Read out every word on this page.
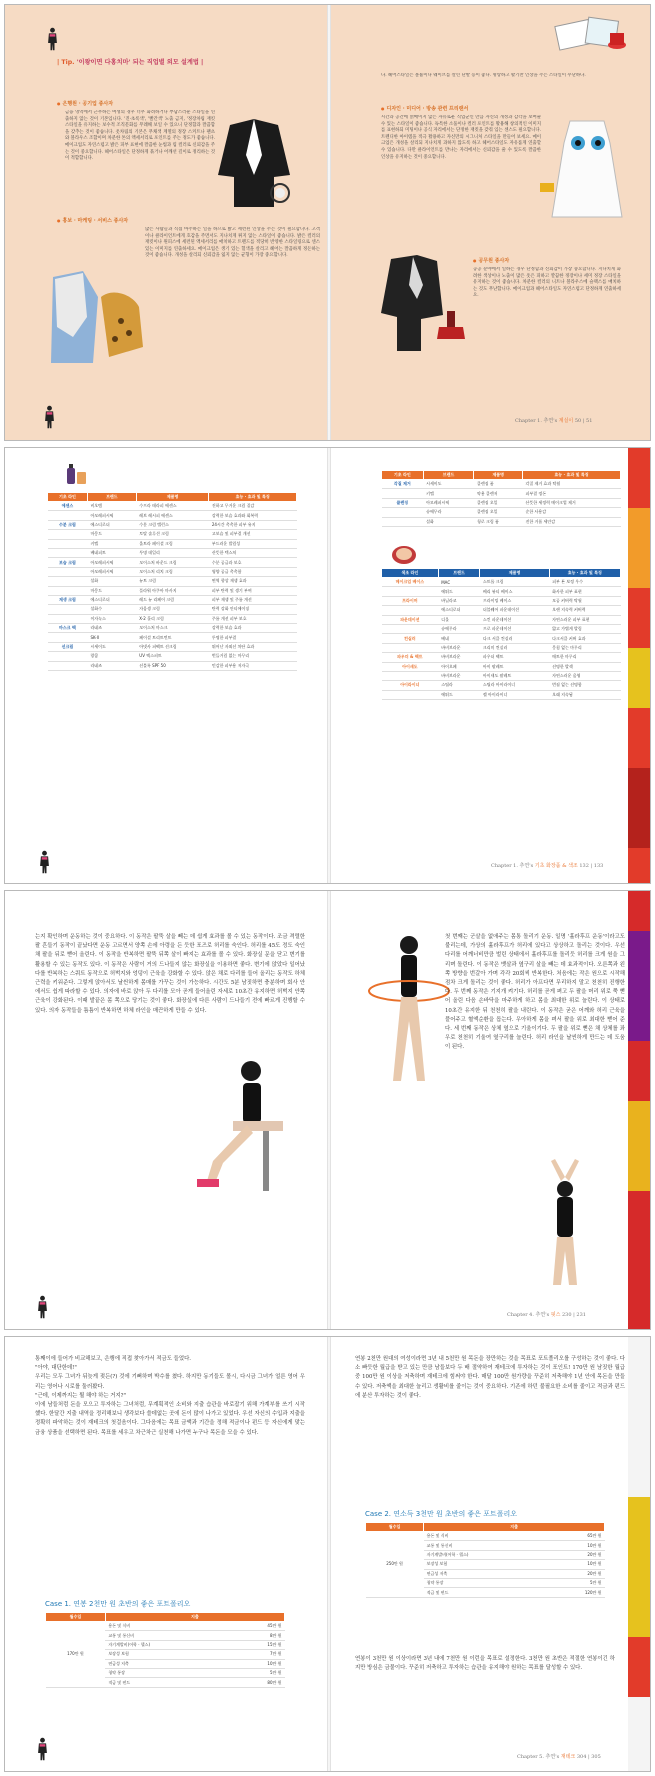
| Tip. '이왕이면 다홍치마' 되는 직업별 외모 설계법 |
● 은행원 · 공기업 종사자
금융 영역에서 근무하는 여성의 경우 너무 화려하거나 부담스러운 스타일을 연출하지 않는 것이 기본입니다. '진·초록색', '빨간색' 노출 금지, '정장차림 재킷 스타일을 유지하는 보수적 조직문화를 무례해 보일 수 있으니 단정함과 깔끔함을 갖추는 것이 좋습니다. 옷차림의 기본은 무채색 계열의 정장 스커트나 팬츠와 블라우스 조합이며 차분한 톤의 액세서리로 포인트를 주는 정도가 좋습니다. 메이크업도 자연스럽고 밝은 피부 표현에 깔끔한 눈썹과 립 컬러로 신뢰감을 주는 것이 중요합니다. 헤어스타일은 단정하게 묶거나 어깨선 길이로 정리하는 것이 적합합니다.
● 홍보 · 마케팅 · 서비스 종사자
많은 사람들과 직접 마주하는 일을 하므로 밝고 세련된 인상을 주는 것이 필요합니다. 고객이나 클라이언트에게 호감을 주면서도 지나치게 튀지 않는 스타일이 좋습니다. 밝은 컬러의 재킷이나 원피스에 세련된 액세서리를 매치하고 트렌드를 적당히 반영한 스타일링으로 센스 있는 이미지를 연출하세요. 메이크업은 생기 있는 혈색을 살리고 헤어는 깔끔하게 정돈하는 것이 좋습니다. 개성을 살리되 신뢰감을 잃지 않는 균형이 가장 중요합니다.
다. 헤어스타일은 볼륨이나 웨이브를 살린 단발 등이 좋다. 명랑하고 활기찬 인상을 주는 스타일이 무난하다.
● 디자인 · 미디어 · 방송 관련 프리랜서
시간과 공간에 얽매이지 않는 자유로운 직업군인 만큼 자신의 개성과 감각을 보여줄 수 있는 스타일이 좋습니다. 독특한 소품이나 컬러 포인트를 활용해 창의적인 이미지를 표현하되 미팅이나 공식 자리에서는 단정한 재킷을 갖춰 입는 센스도 필요합니다. 트렌디한 아이템을 적극 활용하고 자신만의 시그니처 스타일을 만들어 보세요. 메이크업은 개성을 살리되 지나치게 과하지 않도록 하고 헤어스타일도 자유롭게 연출할 수 있습니다. 다만 클라이언트를 만나는 자리에서는 신뢰감을 줄 수 있도록 깔끔한 인상을 유지하는 것이 중요합니다.
● 공무원 종사자
공공 분야에서 일하는 경우 단정함과 신뢰감이 가장 중요합니다. 지나치게 화려한 색상이나 노출이 많은 옷은 피하고 깔끔한 정장이나 세미 정장 스타일을 유지하는 것이 좋습니다. 차분한 컬러의 니트나 블라우스에 슬랙스를 매치하는 것도 무난합니다. 메이크업과 헤어스타일도 자연스럽고 단정하게 연출하세요.
Chapter 1. 추연's 계실이 50 | 51
기초 라인	브랜드	제품명	효능 · 효과 및 특징
에센스	비오템	수프라 테라피 에센스	진하고 무거운 크림 질감
	아모레퍼시픽	레브 레시피 에센스	강력한 보습 효과와 회복력
수분 크림	에스티로더	수분 크림 밸런스	24시간 촉촉한 피부 유지
	마몽드	토탈 솔루션 크림	고보습 및 피부결 개선
	키엘	울트라 페이셜 크림	부드러운 발림성
	베네피트	투명 데일리	산뜻한 텍스처
보습 크림	아모레퍼시픽	모이스처 바운드 크림	수분 공급과 보호
	아모레퍼시픽	모이스처 리치 크림	영양 공급 촉촉함
	설화	뉴트 크림	면역 향상 재생 효과
	마몽드	플라워 아쿠아 마사지	피부 탄력 및 생기 부여
재생 크림	에스티로더	레드 뉴 리페어 크림	피부 재생 및 주름 개선
	설화수	자음생 크림	탄력 강화 안티에이징
	이자녹스	X-2 홀리 크림	주름 개선 피부 보호
마스크 팩	라네즈	모이스처 마스크	강력한 보습 효과
	SK-II	페이셜 트리트먼트	투명한 피부결
선크림	시세이도	아넷사 퍼펙트 선크림	뛰어난 자외선 차단 효과
	랑콤	UV 엑스퍼트	번들거림 없는 마무리
	라네즈	선블록 SPF 50	민감한 피부용 저자극
기초 라인	브랜드	제품명	효능 · 효과 및 특징
각질 제거	시세이도	클렌징 폼	각질 제거 효과 탁월
	키엘	약용 클렌저	피부결 정돈
클렌징	아모레퍼시픽	클렌징 오일	산뜻한 세정력 메이크업 제거
	슈에무라	클렌징 오일	순한 사용감
	설화	청로 크림 폼	진한 거품 세안감
색조 라인	브랜드	제품명	효능 · 효과 및 특징
메이크업 베이스	MAC	스트롭 크림	피부 톤 보정 우수
	에뛰드	베리 뷰티 베이스	화사한 피부 표현
프라이머	바닐라코	프라이밍 베이스	모공 커버력 탁월
	에스티로더	더블웨어 파운데이션	오랜 지속력 커버력
파운데이션	디올	스킨 파운데이션	자연스러운 피부 표현
	슈에무라	프로 파운데이션	얇고 가볍게 발림
컨실러	베네	다크 서클 컨실러	다크서클 커버 효과
	바비브라운	크리미 컨실러	뭉침 없는 마무리
파우더 & 팩트	바비브라운	파우더 팩트	매트한 마무리
아이섀도	아이오페	아이 팔레트	선명한 발색
	바비브라운	아이섀도 팔레트	자연스러운 음영
아이라이너	스틸라	스틸라 아이라이너	번짐 없는 선명함
	에뛰드	젤 아이라이너	오래 지속됨
Chapter 1. 추연's 기초 화장품 & 색조 132 | 133
는지 확인하며 운동하는 것이 중요하다. 이 동작은 팔뚝 살을 빼는 데 쉽게 효과를 볼 수 있는 동작이다. 조금 격렬한 팔 흔들기 동작이 끝났다면 운동 고르면서 양쪽 손에 아령을 든 듯한 포즈로 허리를 숙인다. 허리를 45도 정도 숙인 채 팔을 뒤로 뻗어 올린다. 이 동작을 반복하면 팔뚝 뒤쪽 살이 빠지는 효과를 볼 수 있다. 화장실 문을 닫고 변기를 활용할 수 있는 동작도 있다. 이 동작은 사람이 거의 드나들지 않는 화장실을 이용하면 좋다. 변기에 앉았다 일어났다를 반복하는 스쿼트 동작으로 허벅지와 엉덩이 근육을 강화할 수 있다. 앉은 채로 다리를 들어 올리는 동작도 하체 근력을 키워준다. 그렇게 앉아서도 날씬하게 몸매를 가꾸는 것이 가능하다. 시간도 5분 남짓하면 충분하며 회사 안에서도 쉽게 따라할 수 있다. 의자에 바로 앉아 두 다리를 모아 곧게 들어올린 자세로 10초간 유지하면 허벅지 안쪽 근육이 강화된다. 이때 발끝은 몸 쪽으로 당기는 것이 좋다. 화장실에 다른 사람이 드나들기 전에 빠르게 진행할 수 있다. 의자 동작들을 틈틈이 반복하면 하체 라인을 매끈하게 만들 수 있다.
첫 번째는 군살을 없애주는 몸통 돌리기 운동. 일명 '훌라후프 운동'이라고도 불리는데, 가상의 훌라후프가 허리에 있다고 상상하고 돌리는 것이다. 우선 다리를 어깨너비만큼 벌린 상태에서 훌라후프를 돌리듯 허리를 크게 원을 그리며 돌린다. 이 동작은 뱃살과 옆구리 살을 빼는 데 효과적이다. 오른쪽과 왼쪽 방향을 번갈아 가며 각각 20회씩 반복한다. 처음에는 작은 원으로 시작해 점차 크게 돌리는 것이 좋다. 허리가 아프다면 무리하지 말고 천천히 진행한다. 두 번째 동작은 기지개 켜기다. 허리를 곧게 펴고 두 팔을 머리 위로 쭉 뻗어 올린 다음 손바닥을 마주하게 하고 몸을 최대한 위로 늘린다. 이 상태로 10초간 유지한 뒤 천천히 팔을 내린다. 이 동작은 굳은 어깨와 허리 근육을 풀어주고 혈액순환을 돕는다. 우아하게 몸을 펴서 팔을 위로 최대한 뻗어 준다. 세 번째 동작은 상체 옆으로 기울이기다. 두 팔을 위로 뻗은 채 상체를 좌우로 천천히 기울여 옆구리를 늘린다. 허리 라인을 날씬하게 만드는 데 도움이 된다.
Chapter 4. 추연's 핏스 230 | 231
통째이에 들어가 비교해보고, 은행에 직접 찾아가서 적금도 들었다.
"아야, 대단한데!"
우리는 모두 그녀가 뒤늦게 젖든(?) 것에 기뻐하며 박수를 쳤다. 하지만 동기들도 몰시, 다시금 그녀가 얼른 영어 우리는 영어나 시로를 둘러봤다.
"근데, 이제까지는 뭘 해야 하는 거지?"
이에 남들처럼 돈을 모으고 투자하는 그녀처럼, 무계획적인 소비와 지출 습관을 바로잡기 위해 가계부를 쓰기 시작했다. 한달간 지출 내역을 정리해보니 생각보다 쓸데없는 곳에 돈이 많이 나가고 있었다. 우선 자신의 수입과 지출을 정확히 파악하는 것이 재테크의 첫걸음이다. 그다음에는 목표 금액과 기간을 정해 적금이나 펀드 등 자신에게 맞는 금융 상품을 선택하면 된다. 목표를 세우고 차근차근 실천해 나가면 누구나 목돈을 모을 수 있다.
Case 1. 연봉 2천만 원 초반의 좋은 포트폴리오
월수입	지출	
170만 원	용돈 및 식비	45만 원
	교통 및 통신비	8만 원
	자기계발비(어학 · 헬스)	15만 원
	보장성 보험	7만 원
	연금성 저축	10만 원
	청약 통장	5만 원
	적금 및 펀드	80만 원
연봉 2천만 원대의 여성이라면 3년 내 5천만 원 목돈을 장만하는 것을 목표로 포트폴리오를 구성하는 것이 좋다. 다소 빠듯한 월급을 받고 있는 만큼 남들보다 두 배 절약하여 재테크에 투자하는 것이 포인트! 170만 원 남짓한 월급 중 100만 원 이상을 저축하며 재테크에 힘써야 한다. 매달 100만 원가량을 꾸준히 저축해야 1년 안에 목돈을 만들 수 있다. 저축액을 최대한 늘리고 생활비를 줄이는 것이 중요하다. 기존에 하던 불필요한 소비를 줄이고 적금과 펀드에 분산 투자하는 것이 좋다.
Case 2. 연소득 3천만 원 초반의 좋은 포트폴리오
월수입	지출	
250만 원	용돈 및 식비	65만 원
	교통 및 통신비	10만 원
	자기계발비(어학 · 헬스)	20만 원
	보장성 보험	10만 원
	연금성 저축	20만 원
	청약 통장	5만 원
	적금 및 펀드	120만 원
연봉이 3천만 원 이상이라면 3년 내에 7천만 원 이런을 목표로 설정한다. 3천만 원 초반은 적절한 연봉이긴 하지만 방심은 금물이다. 꾸준히 저축하고 투자하는 습관을 유지해야 원하는 목표를 달성할 수 있다.
Chapter 5. 추연's 재테크 304 | 305
